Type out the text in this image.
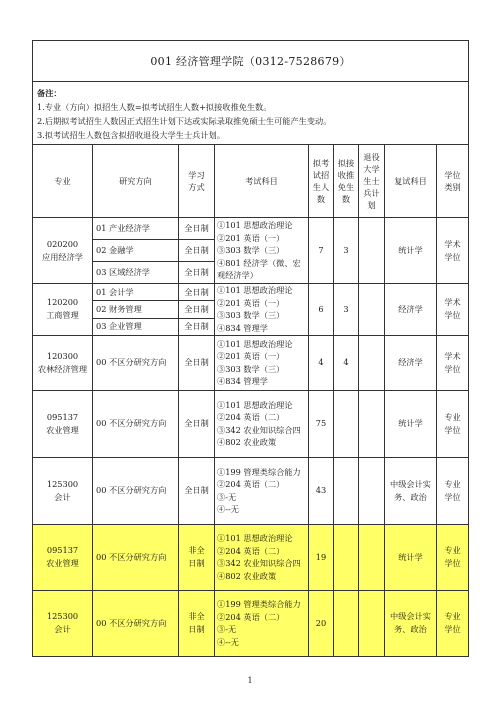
001 经济管理学院（0312-7528679）								

备注：
1.专业（方向）拟招生人数=拟考试招生人数+拟接收推免生数。
2.后期拟考试招生人数因正式招生计划下达或实际录取推免硕士生可能产生变动。
3.拟考试招生人数包含拟招收退役大学生士兵计划。								

专业	研究方向	学习
方式	考试科目	拟考
试招
生人
数	拟接
收推
免生
数	退役
大学
生士
兵计
划	复试科目	学位
类别
020200
应用经济学	01 产业经济学	全日制	①101 思想政治理论
②201 英语（一）
③303 数学（三）
④801 经济学（微、宏观经济学）	7	3		统计学	学术
学位
	02 金融学	全日制						
	03 区域经济学	全日制						
120200
工商管理	01 会计学	全日制	①101 思想政治理论
②201 英语（一）
③303 数学（三）
④834 管理学	6	3		经济学	学术
学位
	02 财务管理	全日制						
	03 企业管理	全日制						
120300
农林经济管理	00 不区分研究方向	全日制	①101 思想政治理论
②201 英语（一）
③303 数学（三）
④834 管理学	4	4		经济学	学术
学位
095137
农业管理	00 不区分研究方向	全日制	①101 思想政治理论
②204 英语（二）
③342 农业知识综合四
④802 农业政策	75			统计学	专业
学位
125300
会计	00 不区分研究方向	全日制	①199 管理类综合能力
②204 英语（二）
③-无
④--无	43			中级会计实务、政治	专业
学位
095137
农业管理	00 不区分研究方向	非全
日制	①101 思想政治理论
②204 英语（二）
③342 农业知识综合四
④802 农业政策	19			统计学	专业
学位
125300
会计	00 不区分研究方向	非全
日制	①199 管理类综合能力
②204 英语（二）
③-无
④--无	20			中级会计实务、政治	专业
学位
1
